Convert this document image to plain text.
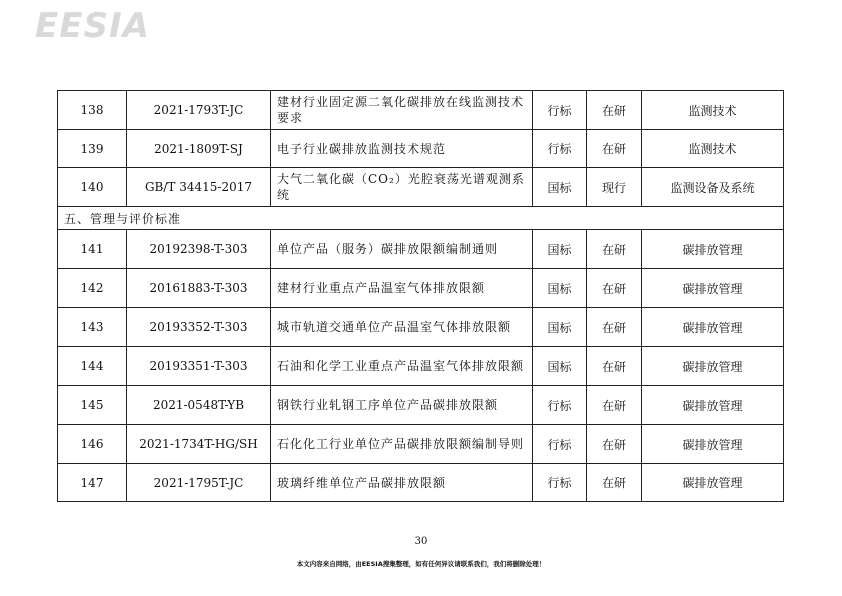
EESIA
138	2021-1793T-JC	建材行业固定源二氧化碳排放在线监测技术要求	行标	在研	监测技术
139	2021-1809T-SJ	电子行业碳排放监测技术规范	行标	在研	监测技术
140	GB/T 34415-2017	大气二氧化碳（CO₂）光腔衰荡光谱观测系统	国标	现行	监测设备及系统
五、管理与评价标准					
141	20192398-T-303	单位产品（服务）碳排放限额编制通则	国标	在研	碳排放管理
142	20161883-T-303	建材行业重点产品温室气体排放限额	国标	在研	碳排放管理
143	20193352-T-303	城市轨道交通单位产品温室气体排放限额	国标	在研	碳排放管理
144	20193351-T-303	石油和化学工业重点产品温室气体排放限额	国标	在研	碳排放管理
145	2021-0548T-YB	钢铁行业轧钢工序单位产品碳排放限额	行标	在研	碳排放管理
146	2021-1734T-HG/SH	石化化工行业单位产品碳排放限额编制导则	行标	在研	碳排放管理
147	2021-1795T-JC	玻璃纤维单位产品碳排放限额	行标	在研	碳排放管理
30
本文内容来自网络，由EESIA搜集整理，如有任何异议请联系我们，我们将删除处理！
